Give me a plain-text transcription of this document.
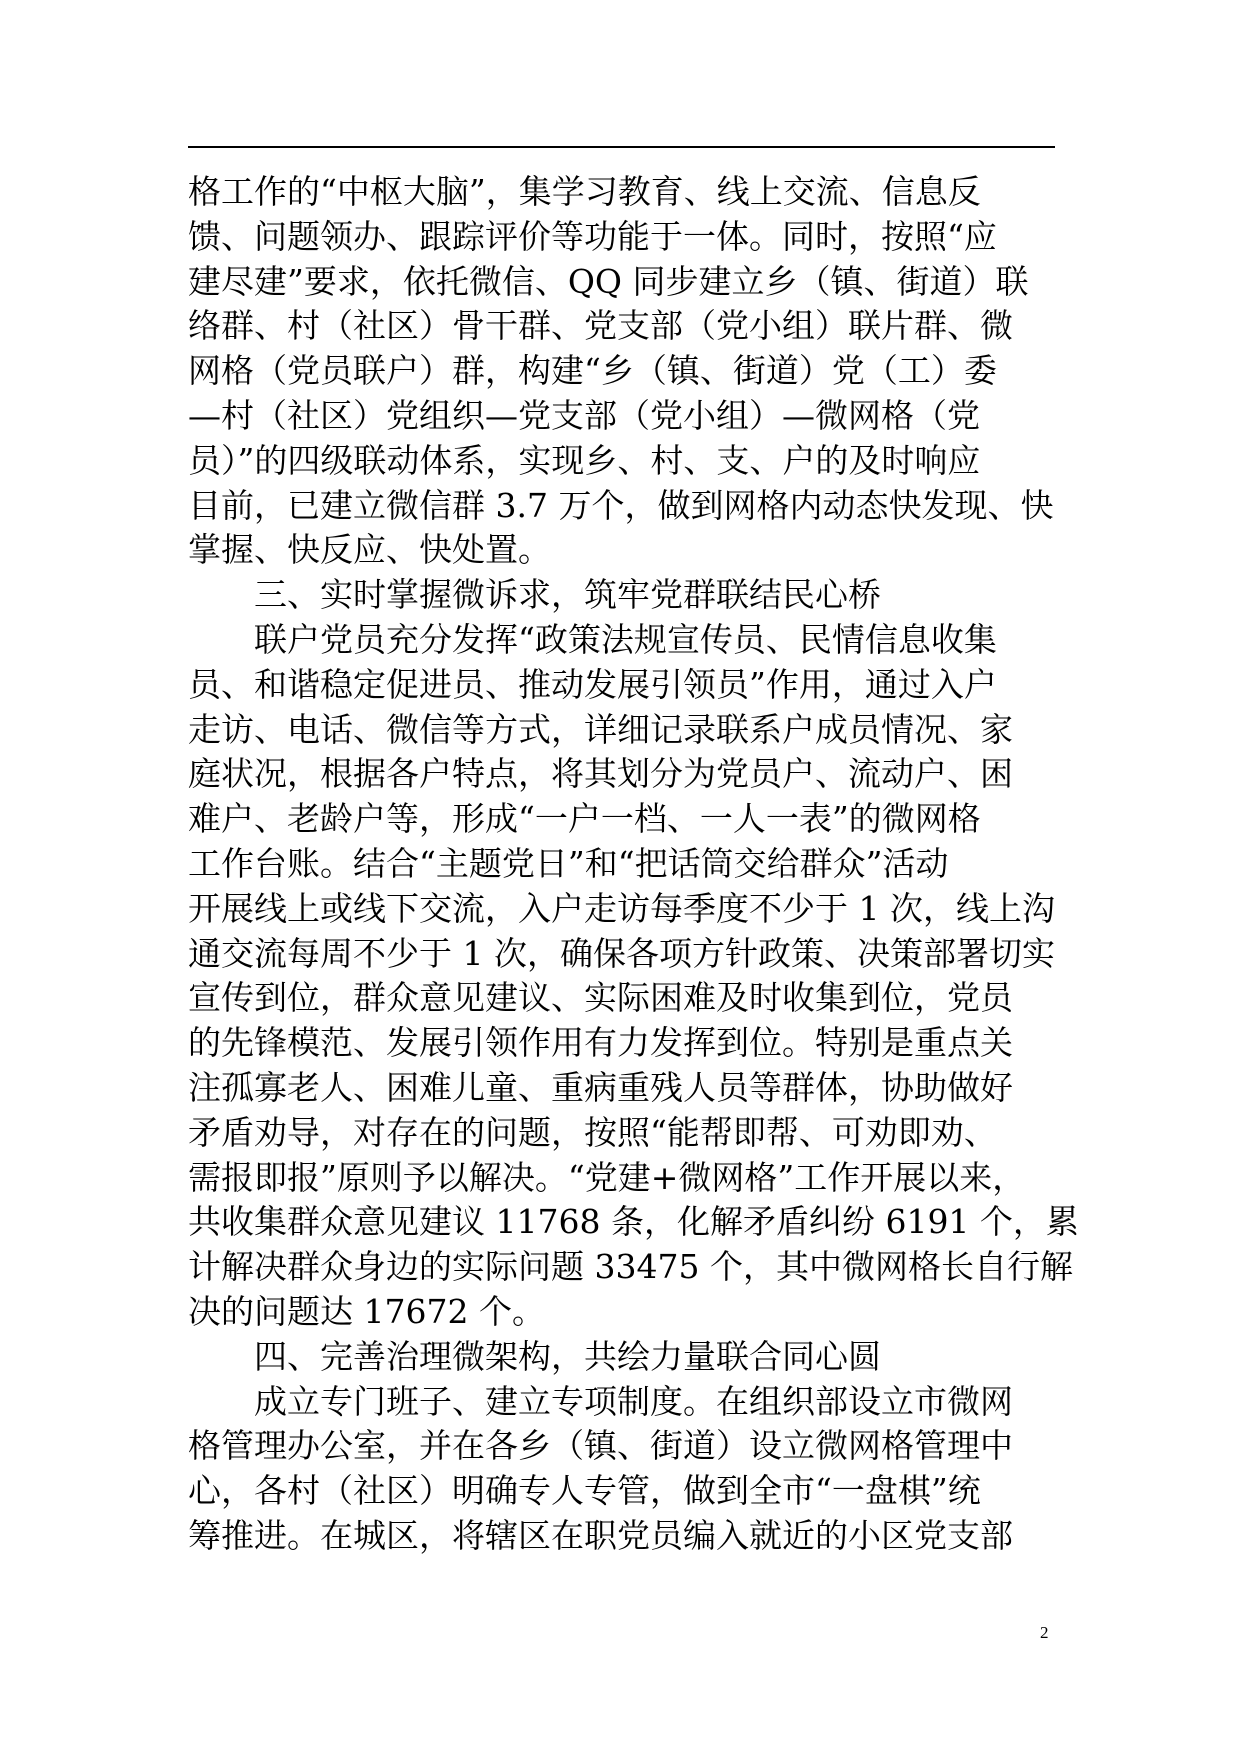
格工作的“中枢大脑”，集学习教育、线上交流、信息反
馈、问题领办、跟踪评价等功能于一体。同时，按照“应
建尽建”要求，依托微信、QQ 同步建立乡（镇、街道）联
络群、村（社区）骨干群、党支部（党小组）联片群、微
网格（党员联户）群，构建“乡（镇、街道）党（工）委
—村（社区）党组织—党支部（党小组）—微网格（党
员）”的四级联动体系，实现乡、村、支、户的及时响应
目前，已建立微信群 3.7 万个，做到网格内动态快发现、快
掌握、快反应、快处置。
三、实时掌握微诉求，筑牢党群联结民心桥
联户党员充分发挥“政策法规宣传员、民情信息收集
员、和谐稳定促进员、推动发展引领员”作用，通过入户
走访、电话、微信等方式，详细记录联系户成员情况、家
庭状况，根据各户特点，将其划分为党员户、流动户、困
难户、老龄户等，形成“一户一档、一人一表”的微网格
工作台账。结合“主题党日”和“把话筒交给群众”活动
开展线上或线下交流，入户走访每季度不少于 1 次，线上沟
通交流每周不少于 1 次，确保各项方针政策、决策部署切实
宣传到位，群众意见建议、实际困难及时收集到位，党员
的先锋模范、发展引领作用有力发挥到位。特别是重点关
注孤寡老人、困难儿童、重病重残人员等群体，协助做好
矛盾劝导，对存在的问题，按照“能帮即帮、可劝即劝、
需报即报”原则予以解决。“党建+微网格”工作开展以来，
共收集群众意见建议 11768 条，化解矛盾纠纷 6191 个，累
计解决群众身边的实际问题 33475 个，其中微网格长自行解
决的问题达 17672 个。
四、完善治理微架构，共绘力量联合同心圆
成立专门班子、建立专项制度。在组织部设立市微网
格管理办公室，并在各乡（镇、街道）设立微网格管理中
心，各村（社区）明确专人专管，做到全市“一盘棋”统
筹推进。在城区，将辖区在职党员编入就近的小区党支部
2
